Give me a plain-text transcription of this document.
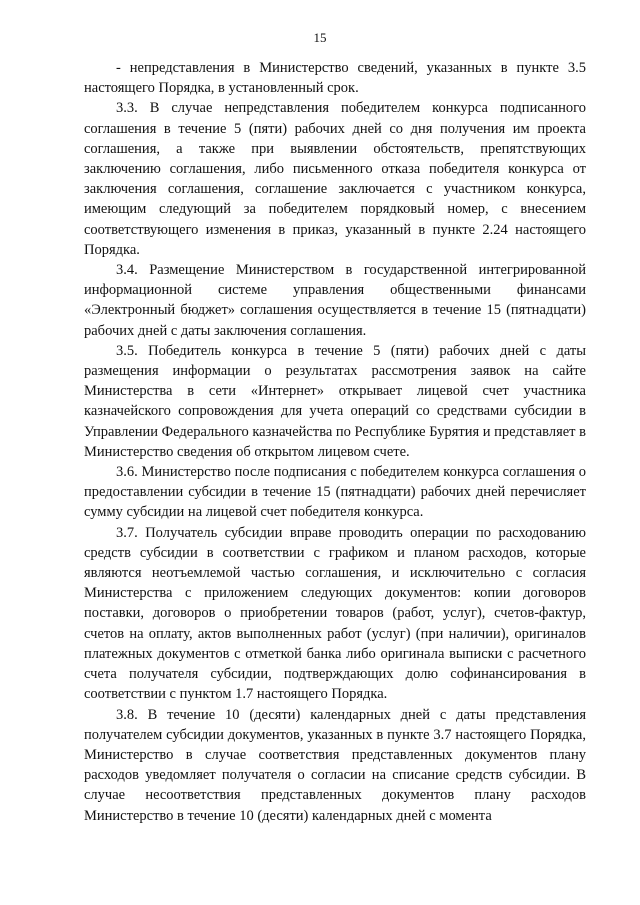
15

- непредставления в Министерство сведений, указанных в пункте 3.5 настоящего Порядка, в установленный срок.

3.3. В случае непредставления победителем конкурса подписанного соглашения в течение 5 (пяти) рабочих дней со дня получения им проекта соглашения, а также при выявлении обстоятельств, препятствующих заключению соглашения, либо письменного отказа победителя конкурса от заключения соглашения, соглашение заключается с участником конкурса, имеющим следующий за победителем порядковый номер, с внесением соответствующего изменения в приказ, указанный в пункте 2.24 настоящего Порядка.

3.4. Размещение Министерством в государственной интегрированной информационной системе управления общественными финансами «Электронный бюджет» соглашения осуществляется в течение 15 (пятнадцати) рабочих дней с даты заключения соглашения.

3.5. Победитель конкурса в течение 5 (пяти) рабочих дней с даты размещения информации о результатах рассмотрения заявок на сайте Министерства в сети «Интернет» открывает лицевой счет участника казначейского сопровождения для учета операций со средствами субсидии в Управлении Федерального казначейства по Республике Бурятия и представляет в Министерство сведения об открытом лицевом счете.

3.6. Министерство после подписания с победителем конкурса соглашения о предоставлении субсидии в течение 15 (пятнадцати) рабочих дней перечисляет сумму субсидии на лицевой счет победителя конкурса.

3.7. Получатель субсидии вправе проводить операции по расходованию средств субсидии в соответствии с графиком и планом расходов, которые являются неотъемлемой частью соглашения, и исключительно с согласия Министерства с приложением следующих документов: копии договоров поставки, договоров о приобретении товаров (работ, услуг), счетов-фактур, счетов на оплату, актов выполненных работ (услуг) (при наличии), оригиналов платежных документов с отметкой банка либо оригинала выписки с расчетного счета получателя субсидии, подтверждающих долю софинансирования в соответствии с пунктом 1.7 настоящего Порядка.

3.8. В течение 10 (десяти) календарных дней с даты представления получателем субсидии документов, указанных в пункте 3.7 настоящего Порядка, Министерство в случае соответствия представленных документов плану расходов уведомляет получателя о согласии на списание средств субсидии. В случае несоответствия представленных документов плану расходов Министерство в течение 10 (десяти) календарных дней с момента
